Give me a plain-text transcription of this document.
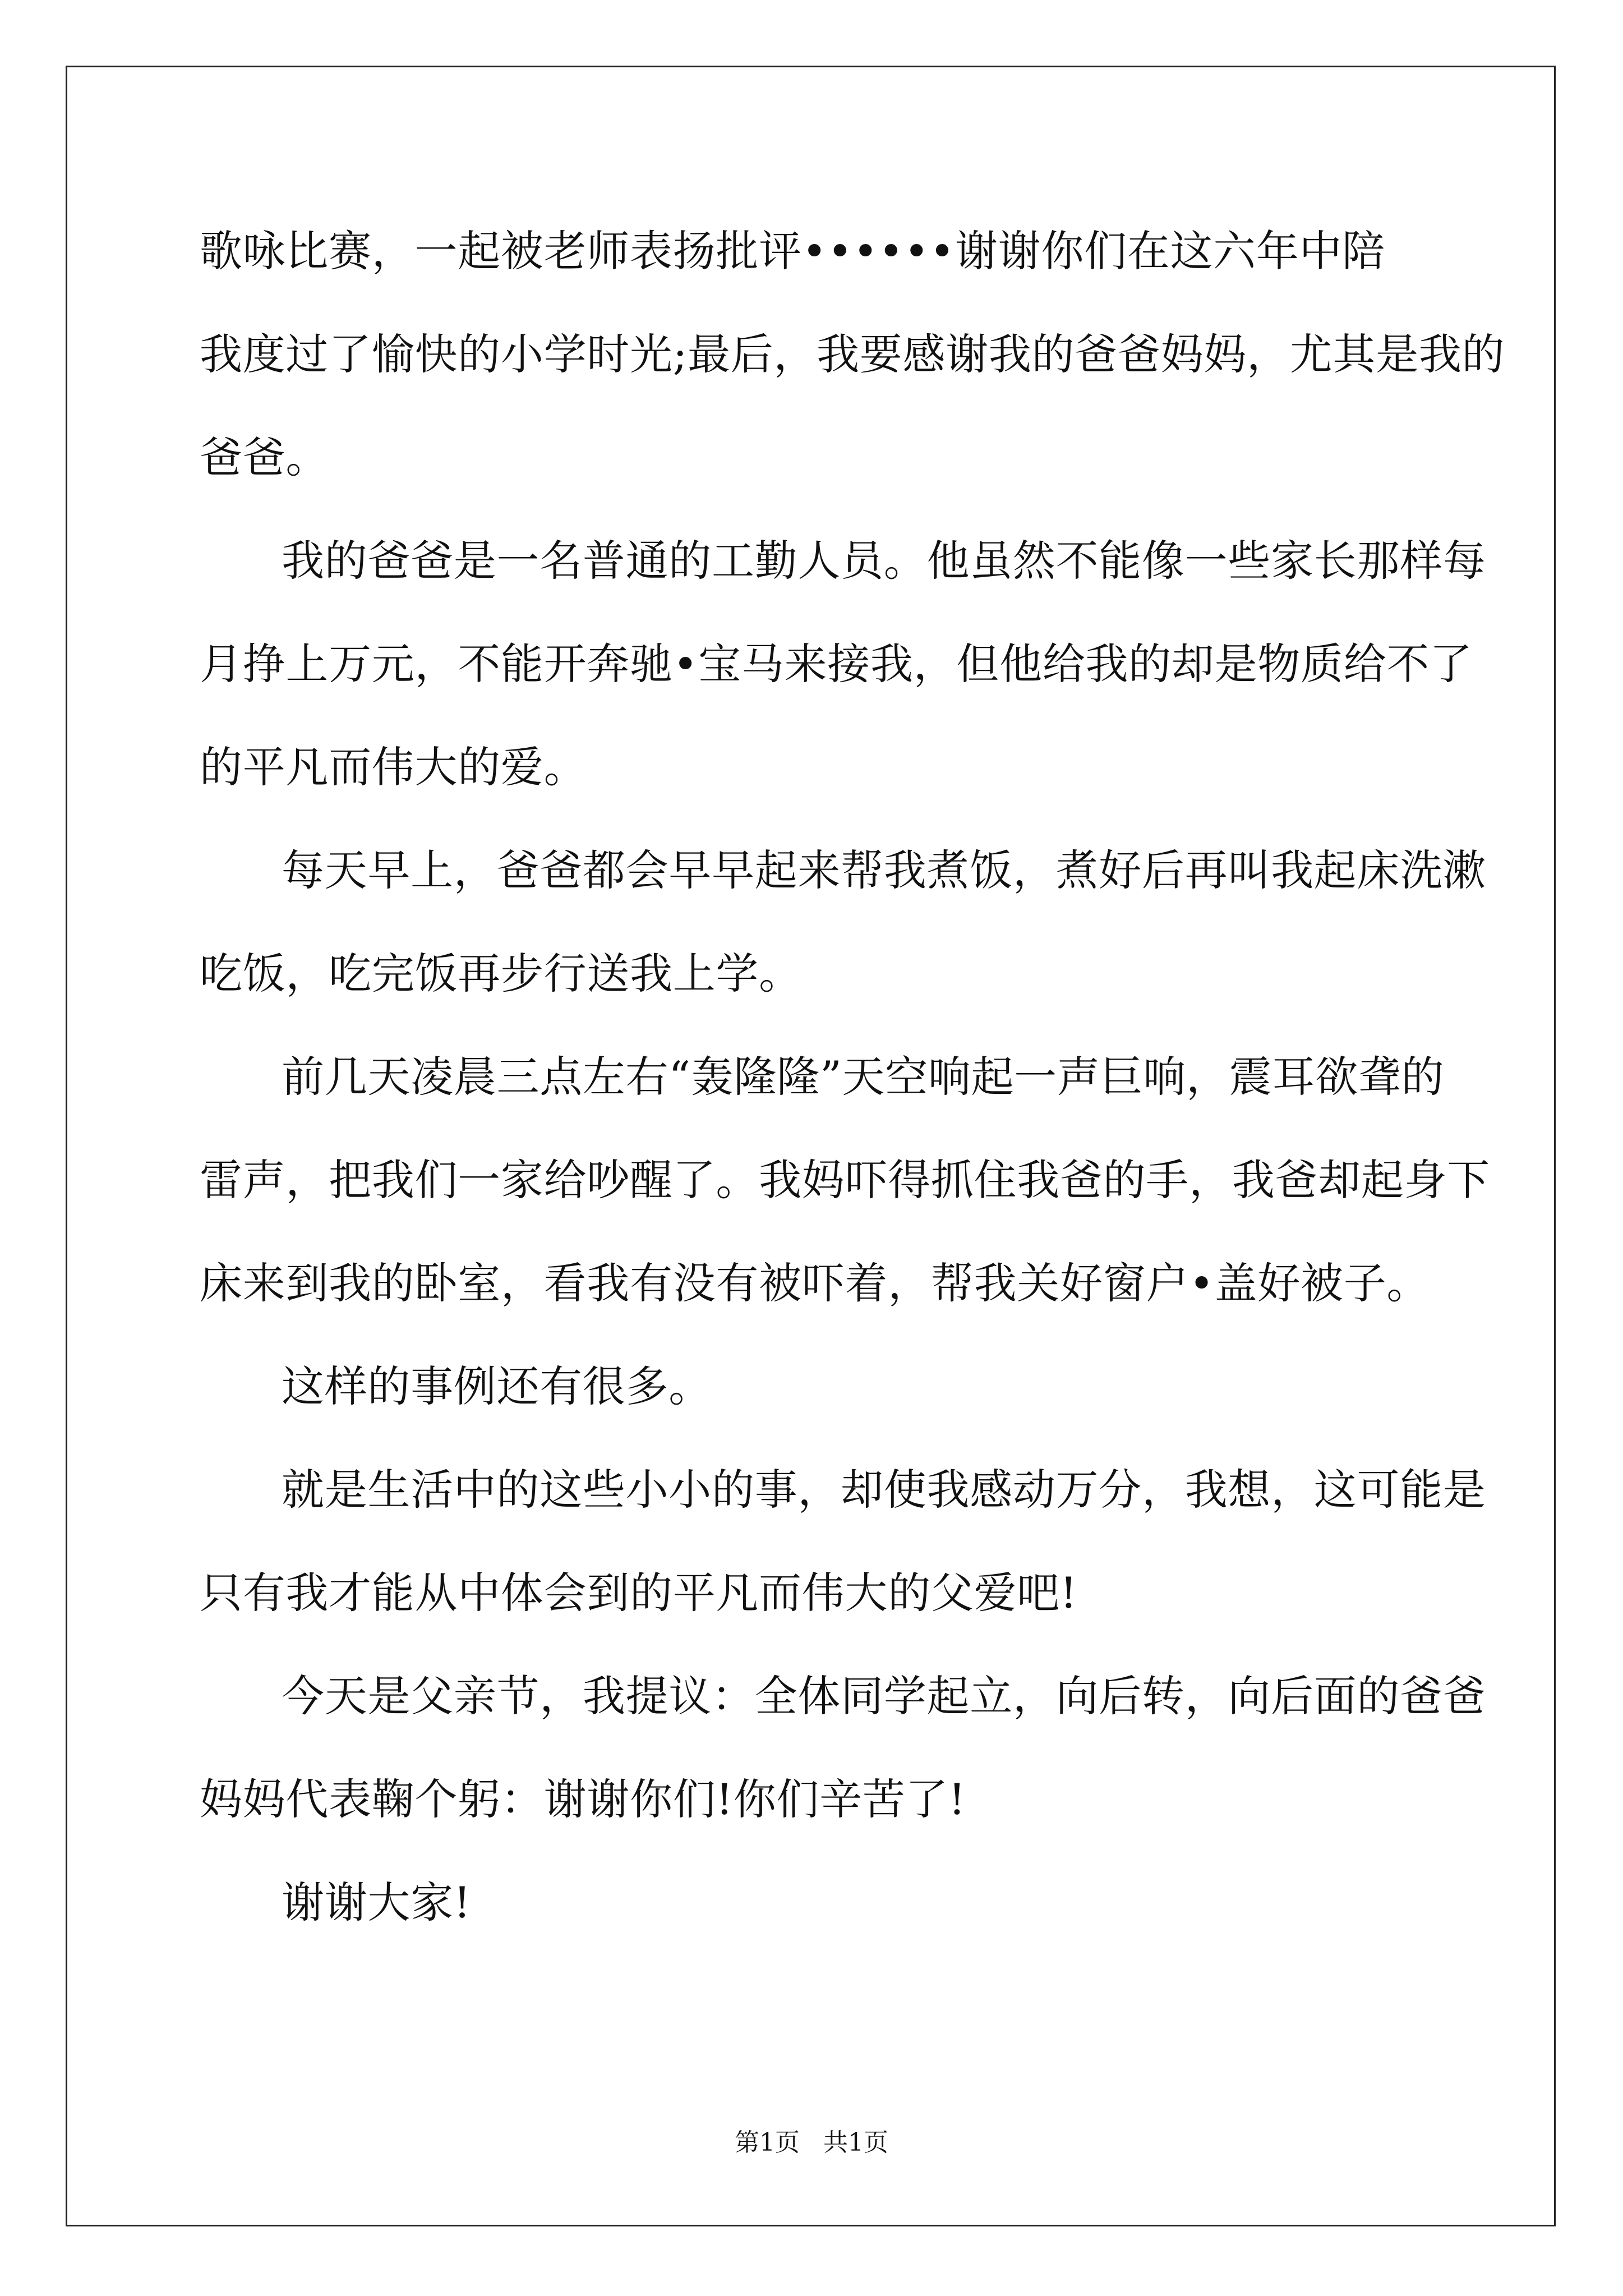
歌咏比赛，一起被老师表扬批评••••••谢谢你们在这六年中陪
我度过了愉快的小学时光;最后，我要感谢我的爸爸妈妈，尤其是我的
爸爸。
我的爸爸是一名普通的工勤人员。他虽然不能像一些家长那样每
月挣上万元，不能开奔驰•宝马来接我，但他给我的却是物质给不了
的平凡而伟大的爱。
每天早上，爸爸都会早早起来帮我煮饭，煮好后再叫我起床洗漱
吃饭，吃完饭再步行送我上学。
前几天凌晨三点左右“轰隆隆”天空响起一声巨响，震耳欲聋的
雷声，把我们一家给吵醒了。我妈吓得抓住我爸的手，我爸却起身下
床来到我的卧室，看我有没有被吓着，帮我关好窗户•盖好被子。
这样的事例还有很多。
就是生活中的这些小小的事，却使我感动万分，我想，这可能是
只有我才能从中体会到的平凡而伟大的父爱吧!
今天是父亲节，我提议：全体同学起立，向后转，向后面的爸爸
妈妈代表鞠个躬：谢谢你们!你们辛苦了!
谢谢大家!
第1页   共1页
